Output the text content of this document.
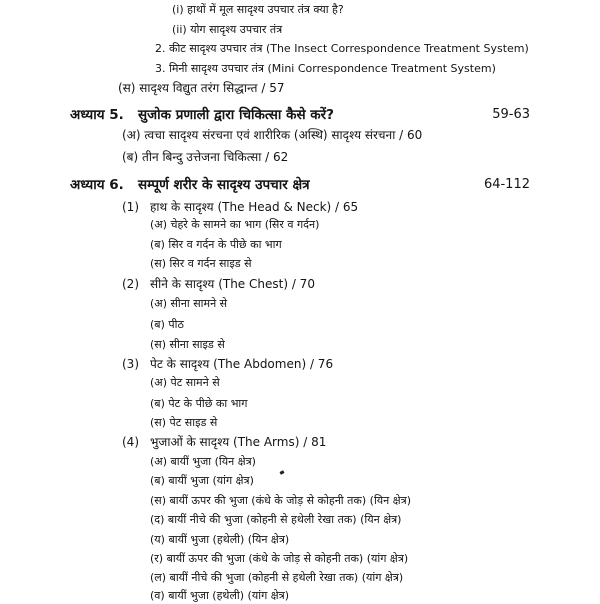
(i) हाथों में मूल सादृश्य उपचार तंत्र क्या है?
(ii) योग सादृश्य उपचार तंत्र
2. कीट सादृश्य उपचार तंत्र (The Insect Correspondence Treatment System)
3. मिनी सादृश्य उपचार तंत्र (Mini Correspondence Treatment System)
(स) सादृश्य विद्युत तरंग सिद्धान्त / 57
अध्याय 5. सुजोक प्रणाली द्वारा चिकित्सा कैसे करें?	59-63
(अ) त्वचा सादृश्य संरचना एवं शारीरिक (अस्थि) सादृश्य संरचना / 60
(ब) तीन बिन्दु उत्तेजना चिकित्सा / 62
अध्याय 6. सम्पूर्ण शरीर के सादृश्य उपचार क्षेत्र	64-112
(1) हाथ के सादृश्य (The Head & Neck) / 65
(अ) चेहरे के सामने का भाग (सिर व गर्दन)
(ब) सिर व गर्दन के पीछे का भाग
(स) सिर व गर्दन साइड से
(2) सीने के सादृश्य (The Chest) / 70
(अ) सीना सामने से
(ब) पीठ
(स) सीना साइड से
(3) पेट के सादृश्य (The Abdomen) / 76
(अ) पेट सामने से
(ब) पेट के पीछे का भाग
(स) पेट साइड से
(4) भुजाओं के सादृश्य (The Arms) / 81
(अ) बायीं भुजा (यिन क्षेत्र)
(ब) बायीं भुजा (यांग क्षेत्र)
(स) बायीं ऊपर की भुजा (कंधे के जोड़ से कोहनी तक) (यिन क्षेत्र)
(द) बायीं नीचे की भुजा (कोहनी से हथेली रेखा तक) (यिन क्षेत्र)
(य) बायीं भुजा (हथेली) (यिन क्षेत्र)
(र) बायीं ऊपर की भुजा (कंधे के जोड़ से कोहनी तक) (यांग क्षेत्र)
(ल) बायीं नीचे की भुजा (कोहनी से हथेली रेखा तक) (यांग क्षेत्र)
(व) बायीं भुजा (हथेली) (यांग क्षेत्र)
